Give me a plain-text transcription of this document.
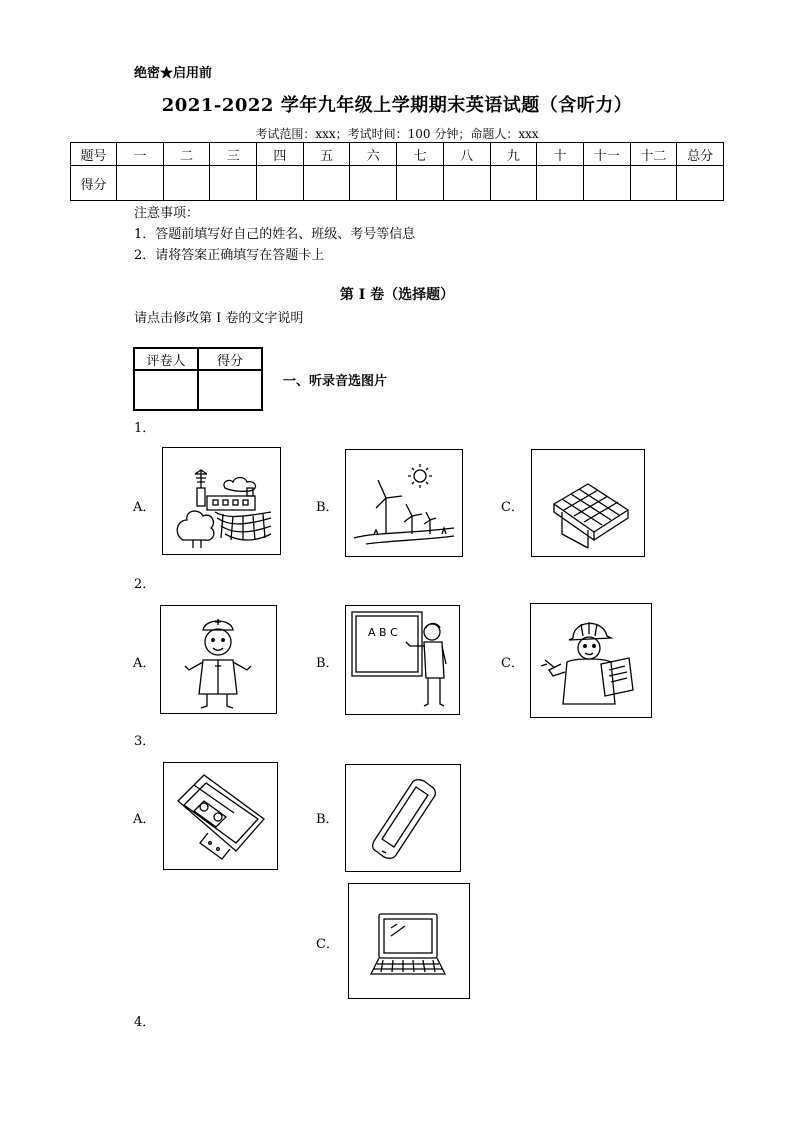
绝密★启用前
2021-2022 学年九年级上学期期末英语试题（含听力）
考试范围：xxx；考试时间：100 分钟；命题人：xxx
题号	一	二	三	四	五	六	七	八	九	十	十一	十二	总分
得分													
注意事项：
1．答题前填写好自己的姓名、班级、考号等信息
2．请将答案正确填写在答题卡上
第 I 卷（选择题）
请点击修改第 I 卷的文字说明
评卷人	得分

一、听录音选图片
1．
A．	B．	C．
2．
A．	B．
A B C
C．
3．
A．	B．
C．
4．
